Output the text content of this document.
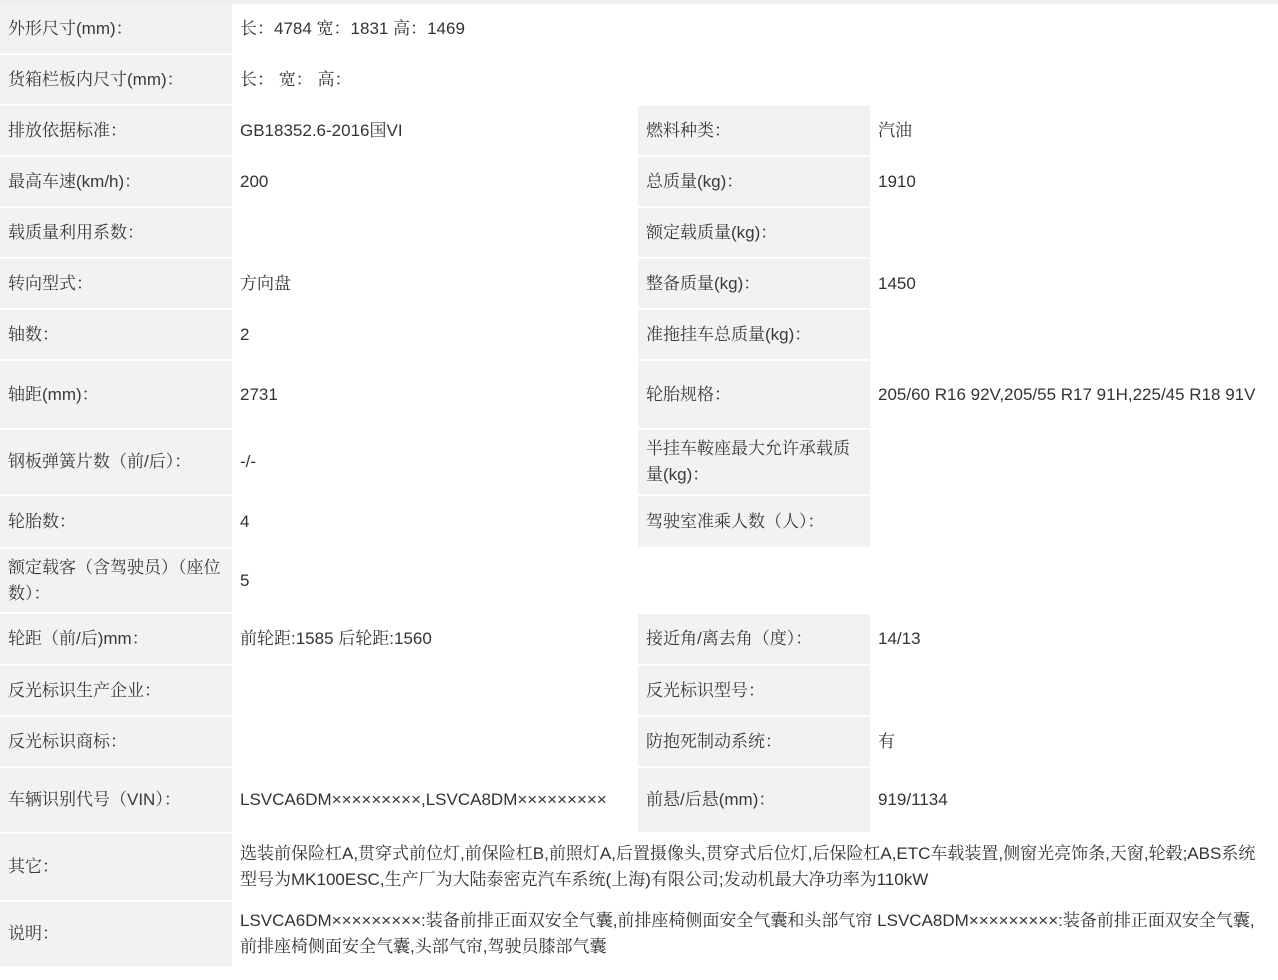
外形尺寸(mm)：	长：4784 宽：1831 高：1469		
货箱栏板内尺寸(mm)：	长： 宽： 高：		
排放依据标准：	GB18352.6-2016国VI	燃料种类：	汽油
最高车速(km/h)：	200	总质量(kg)：	1910
载质量利用系数：		额定载质量(kg)：	
转向型式：	方向盘	整备质量(kg)：	1450
轴数：	2	准拖挂车总质量(kg)：	
轴距(mm)：	2731	轮胎规格：	205/60 R16 92V,205/55 R17 91H,225/45 R18 91V
钢板弹簧片数（前/后）：	-/-	半挂车鞍座最大允许承载质量(kg)：	
轮胎数：	4	驾驶室准乘人数（人）：	
额定载客（含驾驶员）（座位数）：	5		
轮距（前/后)mm：	前轮距:1585 后轮距:1560	接近角/离去角（度）：	14/13
反光标识生产企业：		反光标识型号：	
反光标识商标：		防抱死制动系统：	有
车辆识别代号（VIN）：	LSVCA6DM×××××××××,LSVCA8DM×××××××××	前悬/后悬(mm)：	919/1134
其它：	选装前保险杠A,贯穿式前位灯,前保险杠B,前照灯A,后置摄像头,贯穿式后位灯,后保险杠A,ETC车载装置,侧窗光亮饰条,天窗,轮毂;ABS系统型号为MK100ESC,生产厂为大陆泰密克汽车系统(上海)有限公司;发动机最大净功率为110kW		
说明：	LSVCA6DM×××××××××:装备前排正面双安全气囊,前排座椅侧面安全气囊和头部气帘 LSVCA8DM×××××××××:装备前排正面双安全气囊,前排座椅侧面安全气囊,头部气帘,驾驶员膝部气囊		
